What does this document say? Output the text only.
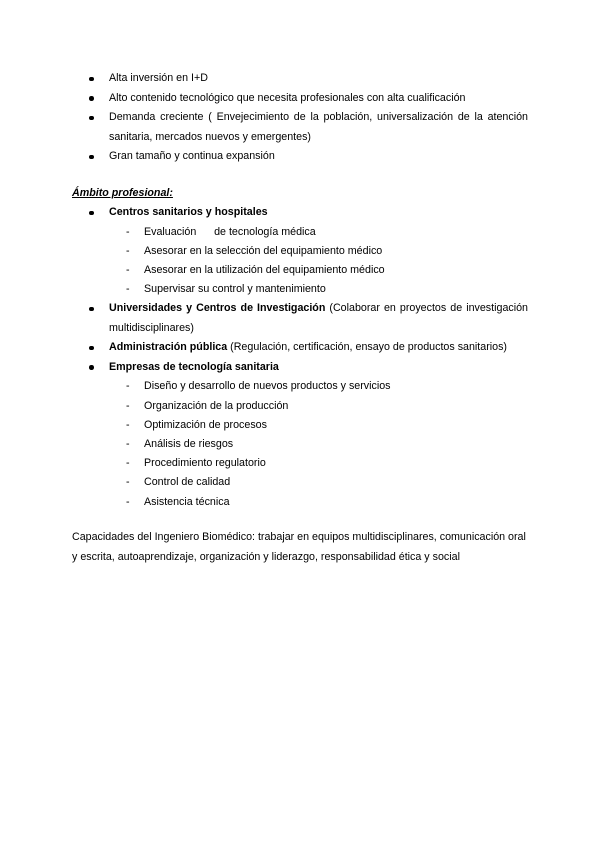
Alta inversión en I+D
Alto contenido tecnológico que necesita profesionales con alta cualificación
Demanda creciente ( Envejecimiento de la población, universalización de la atención sanitaria, mercados nuevos y emergentes)
Gran tamaño y continua expansión
Ámbito profesional:
Centros sanitarios y hospitales
- Evaluación      de tecnología médica
- Asesorar en la selección del equipamiento médico
- Asesorar en la utilización del equipamiento médico
- Supervisar su control y mantenimiento
Universidades y Centros de Investigación (Colaborar en proyectos de investigación multidisciplinares)
Administración pública (Regulación, certificación, ensayo de productos sanitarios)
Empresas de tecnología sanitaria
- Diseño y desarrollo de nuevos productos y servicios
- Organización de la producción
- Optimización de procesos
- Análisis de riesgos
- Procedimiento regulatorio
- Control de calidad
- Asistencia técnica
Capacidades del Ingeniero Biomédico: trabajar en equipos multidisciplinares, comunicación oral y escrita, autoaprendizaje, organización y liderazgo, responsabilidad ética y social
